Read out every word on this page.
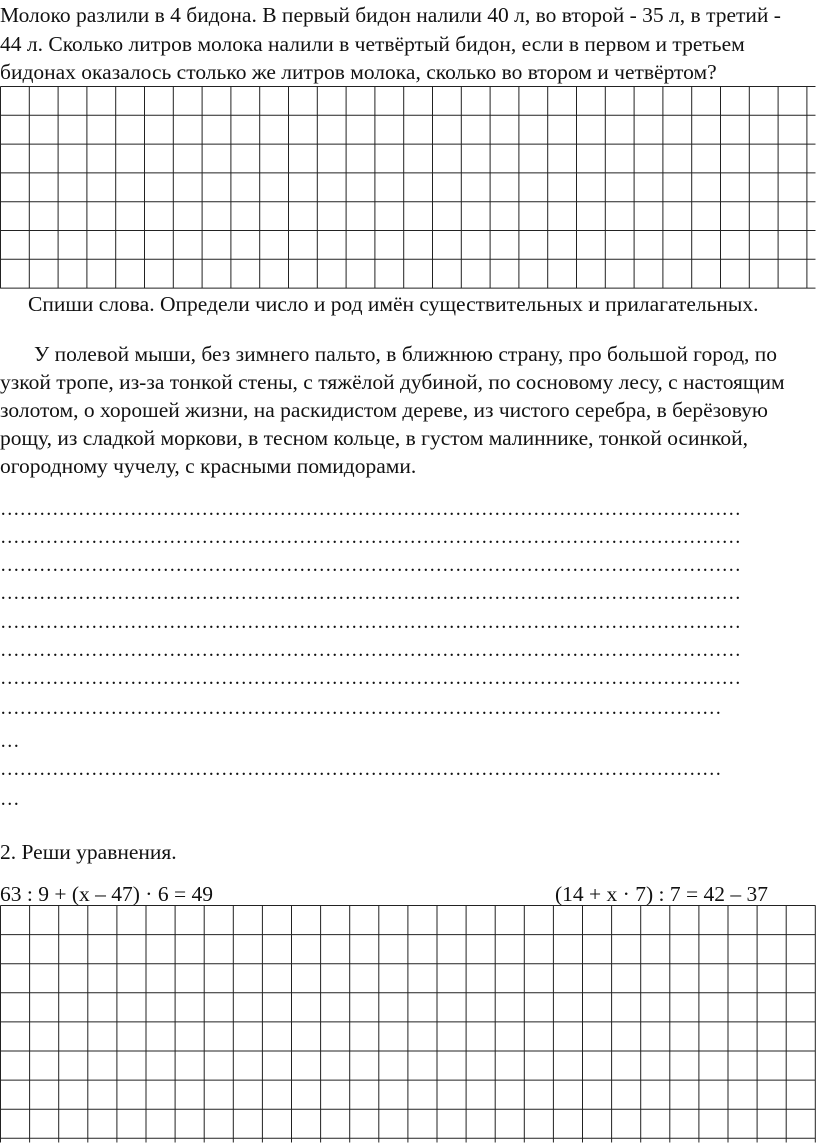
Молоко разлили в 4 бидона. В первый бидон налили 40 л, во второй - 35 л, в третий -
44 л. Сколько литров молока налили в четвёртый бидон, если в первом и третьем
бидонах оказалось столько же литров молока, сколько во втором и четвёртом?
Спиши слова. Определи число и род имён существительных и прилагательных.
У полевой мыши, без зимнего пальто, в ближнюю страну, про большой город, по
узкой тропе, из-за тонкой стены, с тяжёлой дубиной, по сосновому лесу, с настоящим
золотом, о хорошей жизни, на раскидистом дереве, из чистого серебра, в берёзовую
рощу, из сладкой моркови, в тесном кольце, в густом малиннике, тонкой осинкой,
огородному чучелу, с красными помидорами.
……………………………………………………………………………………………………
……………………………………………………………………………………………………
……………………………………………………………………………………………………
……………………………………………………………………………………………………
……………………………………………………………………………………………………
……………………………………………………………………………………………………
……………………………………………………………………………………………………
…………………………………………………………………………………………………
…
…………………………………………………………………………………………………
…
2. Реши уравнения.
63 : 9 + (х – 47) · 6 = 49	(14 + х · 7) : 7 = 42 – 37
